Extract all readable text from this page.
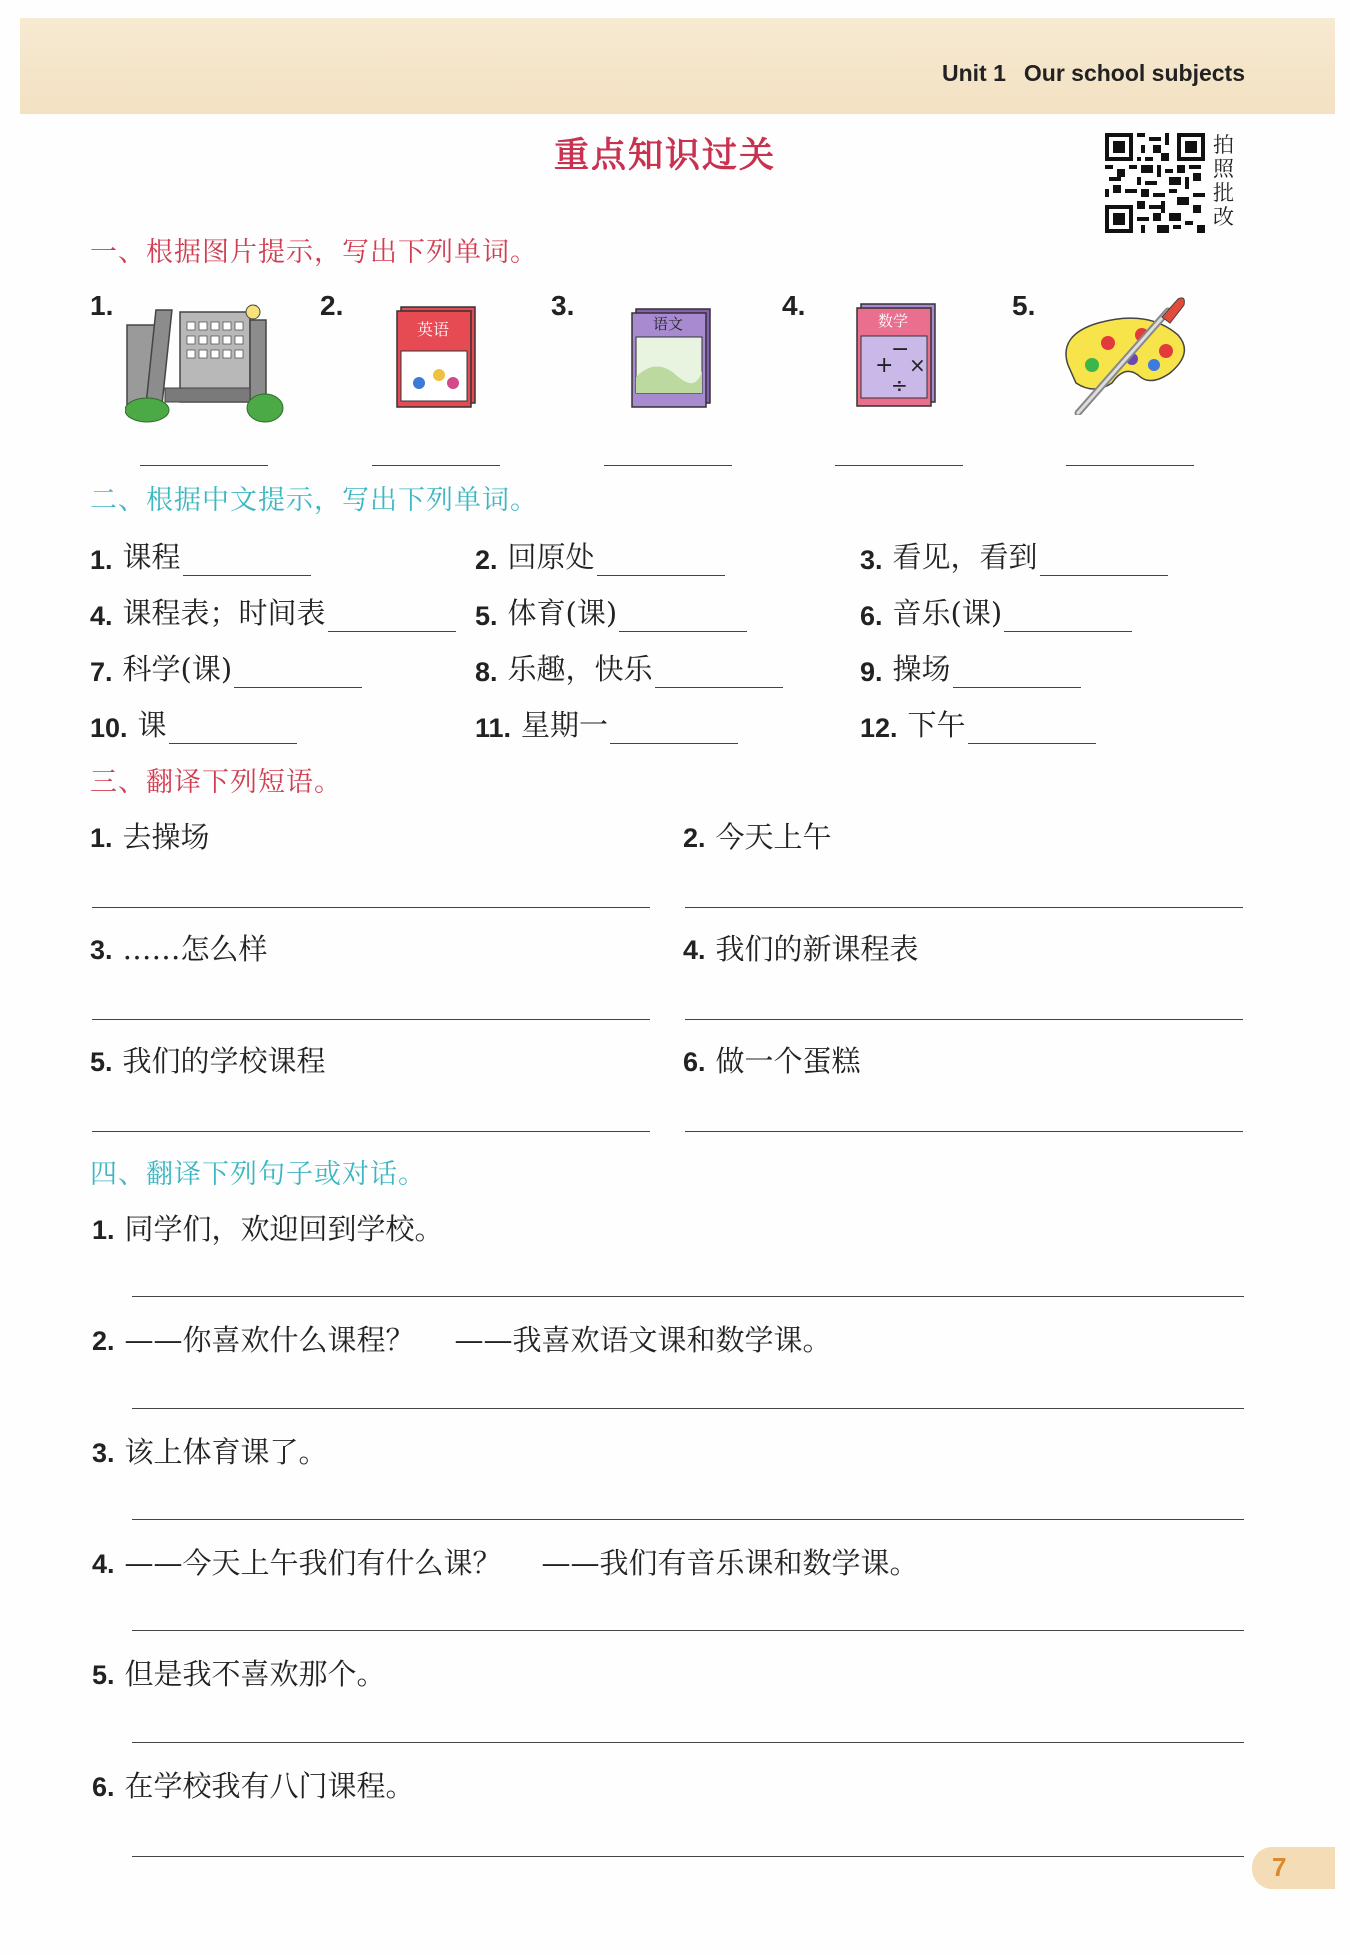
Unit 1 Our school subjects
重点知识过关	拍
照
批
改
一、根据图片提示，写出下列单词。
1.	2.
英语
3.
语文
4.	数学
+
−
×
÷
5.
二、根据中文提示，写出下列单词。
1. 课程	2. 回原处	3. 看见，看到
4. 课程表；时间表	5. 体育(课)	6. 音乐(课)
7. 科学(课)	8. 乐趣，快乐	9. 操场
10. 课	11. 星期一	12. 下午
三、翻译下列短语。
1. 去操场	2. 今天上午
3. ……怎么样	4. 我们的新课程表
5. 我们的学校课程	6. 做一个蛋糕
四、翻译下列句子或对话。
1. 同学们，欢迎回到学校。
2. ——你喜欢什么课程？ ——我喜欢语文课和数学课。
3. 该上体育课了。
4. ——今天上午我们有什么课？ ——我们有音乐课和数学课。
5. 但是我不喜欢那个。
6. 在学校我有八门课程。
7
